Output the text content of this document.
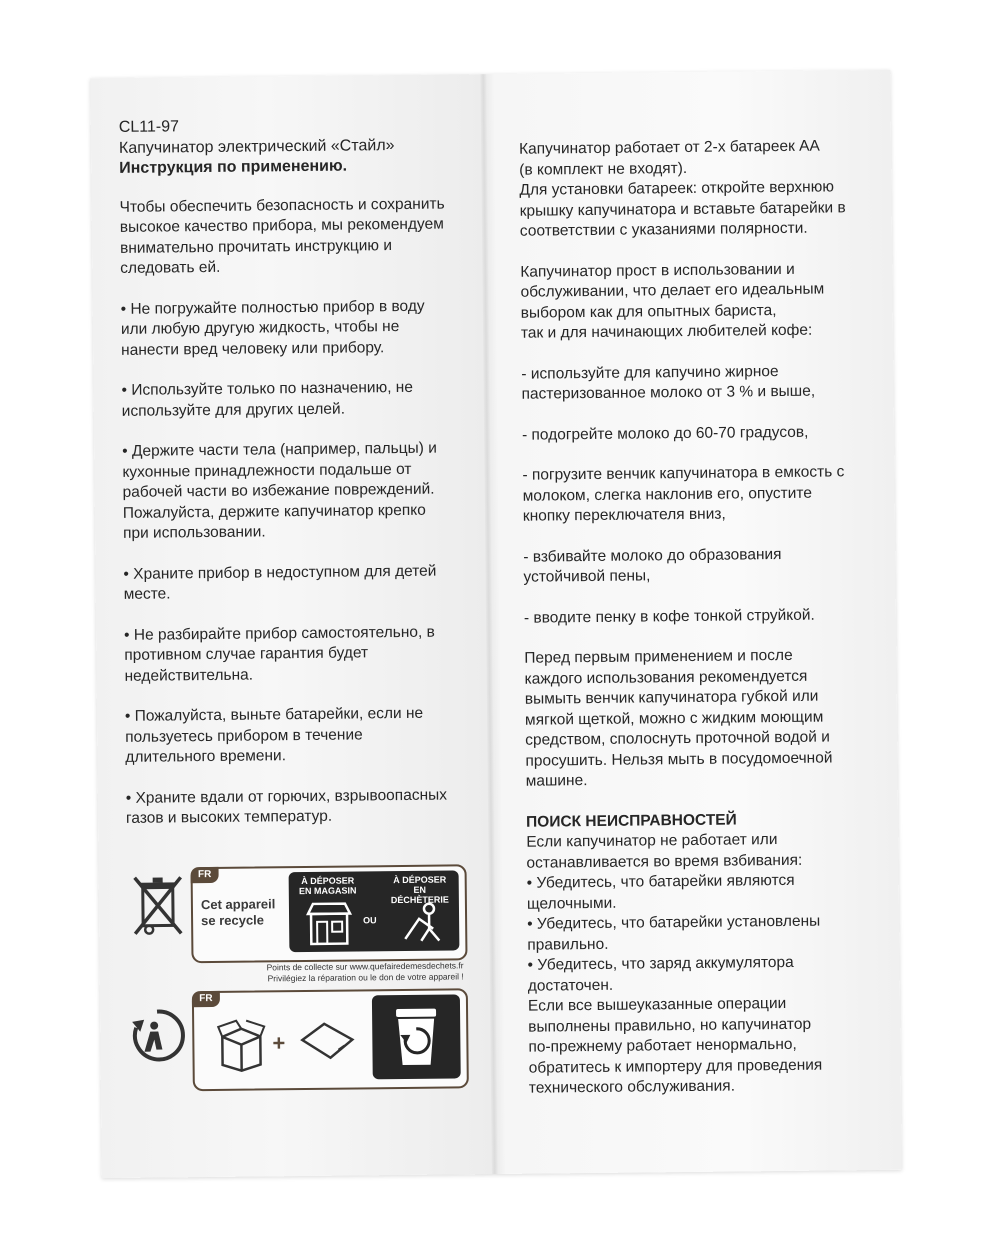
CL11-97

Капучинатор электрический «Стайл»

Инструкция по применению.

Чтобы обеспечить безопасность и сохранить
высокое качество прибора, мы рекомендуем
внимательно прочитать инструкцию и
следовать ей.

• Не погружайте полностью прибор в воду
или любую другую жидкость, чтобы не
нанести вред человеку или прибору.

• Используйте только по назначению, не
используйте для других целей.

• Держите части тела (например, пальцы) и
кухонные принадлежности подальше от
рабочей части во избежание повреждений.
Пожалуйста, держите капучинатор крепко
при использовании.

• Храните прибор в недоступном для детей
месте.

• Не разбирайте прибор самостоятельно, в
противном случае гарантия будет
недействительна.

• Пожалуйста, выньте батарейки, если не
пользуетесь прибором в течение
длительного времени.

• Храните вдали от горючих, взрывоопасных
газов и высоких температур.

FR
Cet appareil
se recycle
À DÉPOSER
EN MAGASIN
À DÉPOSER
EN DÉCHÈTERIE
OU
Points de collecte sur www.quefairedemesdechets.fr
Privilégiez la réparation ou le don de votre appareil !
FR
+

Капучинатор работает от 2-х батареек АА
(в комплект не входят).
Для установки батареек: откройте верхнюю
крышку капучинатора и вставьте батарейки в
соответствии с указаниями полярности.

Капучинатор прост в использовании и
обслуживании, что делает его идеальным
выбором как для опытных бариста,
так и для начинающих любителей кофе:

- используйте для капучино жирное
пастеризованное молоко от 3 % и выше,

- подогрейте молоко до 60-70 градусов,

- погрузите венчик капучинатора в емкость с
молоком, слегка наклонив его, опустите
кнопку переключателя вниз,

- взбивайте молоко до образования
устойчивой пены,

- вводите пенку в кофе тонкой струйкой.

Перед первым применением и после
каждого использования рекомендуется
вымыть венчик капучинатора губкой или
мягкой щеткой, можно с жидким моющим
средством, сполоснуть проточной водой и
просушить. Нельзя мыть в посудомоечной
машине.

ПОИСК НЕИСПРАВНОСТЕЙ

Если капучинатор не работает или
останавливается во время взбивания:
• Убедитесь, что батарейки являются
щелочными.
• Убедитесь, что батарейки установлены
правильно.
• Убедитесь, что заряд аккумулятора
достаточен.
Если все вышеуказанные операции
выполнены правильно, но капучинатор
по-прежнему работает ненормально,
обратитесь к импортеру для проведения
технического обслуживания.
